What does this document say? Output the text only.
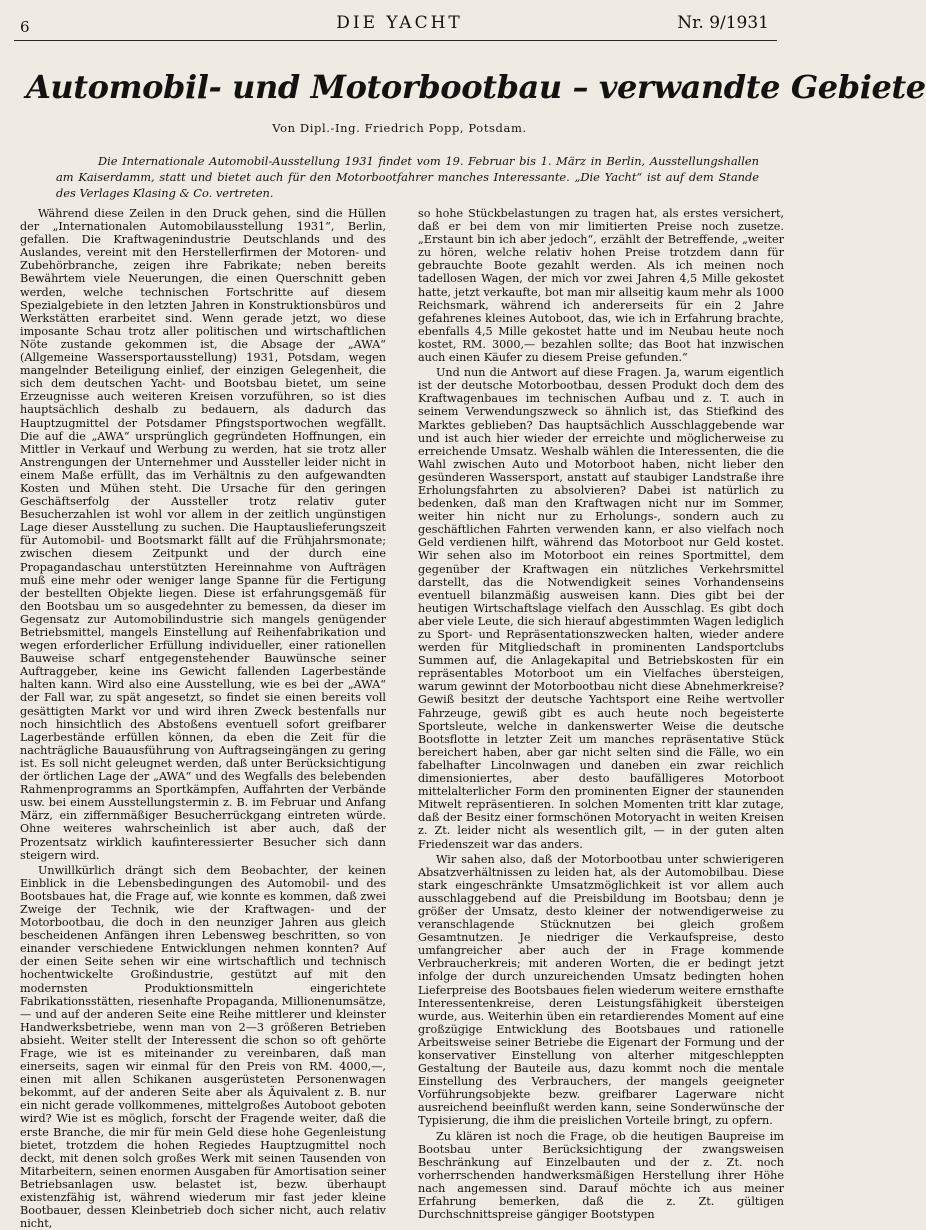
6	DIE YACHT	Nr. 9/1931
Automobil- und Motorbootbau – verwandte Gebiete
Von Dipl.-Ing. Friedrich Popp, Potsdam.

Die Internationale Automobil-Ausstellung 1931 findet vom 19. Februar bis 1. März in Berlin, Ausstellungshallen am Kaiserdamm, statt und bietet auch für den Motorbootfahrer manches Interessante. „Die Yacht“ ist auf dem Stande des Verlages Klasing & Co. vertreten.

Während diese Zeilen in den Druck gehen, sind die Hüllen der „Internationalen Automobilausstellung 1931“, Berlin, gefallen. Die Kraftwagenindustrie Deutschlands und des Auslandes, vereint mit den Herstellerfirmen der Motoren- und Zubehörbranche, zeigen ihre Fabrikate; neben bereits Bewährtem viele Neuerungen, die einen Querschnitt geben werden, welche technischen Fortschritte auf diesem Spezialgebiete in den letzten Jahren in Konstruktionsbüros und Werkstätten erarbeitet sind. Wenn gerade jetzt, wo diese imposante Schau trotz aller politischen und wirtschaftlichen Nöte zustande gekommen ist, die Absage der „AWA“ (Allgemeine Wassersportausstellung) 1931, Potsdam, wegen mangelnder Beteiligung einlief, der einzigen Gelegenheit, die sich dem deutschen Yacht- und Bootsbau bietet, um seine Erzeugnisse auch weiteren Kreisen vorzuführen, so ist dies hauptsächlich deshalb zu bedauern, als dadurch das Hauptzugmittel der Potsdamer Pfingstsportwochen wegfällt. Die auf die „AWA“ ursprünglich gegründeten Hoffnungen, ein Mittler in Verkauf und Werbung zu werden, hat sie trotz aller Anstrengungen der Unternehmer und Aussteller leider nicht in einem Maße erfüllt, das im Verhältnis zu den aufgewandten Kosten und Mühen steht. Die Ursache für den geringen Geschäftserfolg der Aussteller trotz relativ guter Besucherzahlen ist wohl vor allem in der zeitlich ungünstigen Lage dieser Ausstellung zu suchen. Die Hauptauslieferungszeit für Automobil- und Bootsmarkt fällt auf die Frühjahrsmonate; zwischen diesem Zeitpunkt und der durch eine Propagandaschau unterstützten Hereinnahme von Aufträgen muß eine mehr oder weniger lange Spanne für die Fertigung der bestellten Objekte liegen. Diese ist erfahrungsgemäß für den Bootsbau um so ausgedehnter zu bemessen, da dieser im Gegensatz zur Automobilindustrie sich mangels genügender Betriebsmittel, mangels Einstellung auf Reihenfabrikation und wegen erforderlicher Erfüllung individueller, einer rationellen Bauweise scharf entgegenstehender Bauwünsche seiner Auftraggeber, keine ins Gewicht fallenden Lagerbestände halten kann. Wird also eine Ausstellung, wie es bei der „AWA“ der Fall war, zu spät angesetzt, so findet sie einen bereits voll gesättigten Markt vor und wird ihren Zweck bestenfalls nur noch hinsichtlich des Abstoßens eventuell sofort greifbarer Lagerbestände erfüllen können, da eben die Zeit für die nachträgliche Bauausführung von Auftragseingängen zu gering ist. Es soll nicht geleugnet werden, daß unter Berücksichtigung der örtlichen Lage der „AWA“ und des Wegfalls des belebenden Rahmenprogramms an Sportkämpfen, Auffahrten der Verbände usw. bei einem Ausstellungstermin z. B. im Februar und Anfang März, ein ziffernmäßiger Besucherrückgang eintreten würde. Ohne weiteres wahrscheinlich ist aber auch, daß der Prozentsatz wirklich kaufinteressierter Besucher sich dann steigern wird.

Unwillkürlich drängt sich dem Beobachter, der keinen Einblick in die Lebensbedingungen des Automobil- und des Bootsbaues hat, die Frage auf, wie konnte es kommen, daß zwei Zweige der Technik, wie der Kraftwagen- und der Motorbootbau, die doch in den neunziger Jahren aus gleich bescheidenen Anfängen ihren Lebensweg beschritten, so von einander verschiedene Entwicklungen nehmen konnten? Auf der einen Seite sehen wir eine wirtschaftlich und technisch hochentwickelte Großindustrie, gestützt auf mit den modernsten Produktionsmitteln eingerichtete Fabrikationsstätten, riesenhafte Propaganda, Millionenumsätze, — und auf der anderen Seite eine Reihe mittlerer und kleinster Handwerksbetriebe, wenn man von 2—3 größeren Betrieben absieht. Weiter stellt der Interessent die schon so oft gehörte Frage, wie ist es miteinander zu vereinbaren, daß man einerseits, sagen wir einmal für den Preis von RM. 4000,—, einen mit allen Schikanen ausgerüsteten Personenwagen bekommt, auf der anderen Seite aber als Äquivalent z. B. nur ein nicht gerade vollkommenes, mittelgroßes Autoboot geboten wird? Wie ist es möglich, forscht der Fragende weiter, daß die erste Branche, die mir für mein Geld diese hohe Gegenleistung bietet, trotzdem die hohen Regiedes Hauptzugmittel noch deckt, mit denen solch großes Werk mit seinen Tausenden von Mitarbeitern, seinen enormen Ausgaben für Amortisation seiner Betriebsanlagen usw. belastet ist, bezw. überhaupt existenzfähig ist, während wiederum mir fast jeder kleine Bootbauer, dessen Kleinbetrieb doch sicher nicht, auch relativ nicht,

so hohe Stückbelastungen zu tragen hat, als erstes versichert, daß er bei dem von mir limitierten Preise noch zusetze. „Erstaunt bin ich aber jedoch“, erzählt der Betreffende, „weiter zu hören, welche relativ hohen Preise trotzdem dann für gebrauchte Boote gezahlt werden. Als ich meinen noch tadellosen Wagen, der mich vor zwei Jahren 4,5 Mille gekostet hatte, jetzt verkaufte, bot man mir allseitig kaum mehr als 1000 Reichsmark, während ich andererseits für ein 2 Jahre gefahrenes kleines Autoboot, das, wie ich in Erfahrung brachte, ebenfalls 4,5 Mille gekostet hatte und im Neubau heute noch kostet, RM. 3000,— bezahlen sollte; das Boot hat inzwischen auch einen Käufer zu diesem Preise gefunden.“

Und nun die Antwort auf diese Fragen. Ja, warum eigentlich ist der deutsche Motorbootbau, dessen Produkt doch dem des Kraftwagenbaues im technischen Aufbau und z. T. auch in seinem Verwendungszweck so ähnlich ist, das Stiefkind des Marktes geblieben? Das hauptsächlich Ausschlaggebende war und ist auch hier wieder der erreichte und möglicherweise zu erreichende Umsatz. Weshalb wählen die Interessenten, die die Wahl zwischen Auto und Motorboot haben, nicht lieber den gesünderen Wassersport, anstatt auf staubiger Landstraße ihre Erholungsfahrten zu absolvieren? Dabei ist natürlich zu bedenken, daß man den Kraftwagen nicht nur im Sommer, weiter hin nicht nur zu Erholungs-, sondern auch zu geschäftlichen Fahrten verwenden kann, er also vielfach noch Geld verdienen hilft, während das Motorboot nur Geld kostet. Wir sehen also im Motorboot ein reines Sportmittel, dem gegenüber der Kraftwagen ein nützliches Verkehrsmittel darstellt, das die Notwendigkeit seines Vorhandenseins eventuell bilanzmäßig ausweisen kann. Dies gibt bei der heutigen Wirtschaftslage vielfach den Ausschlag. Es gibt doch aber viele Leute, die sich hierauf abgestimmten Wagen lediglich zu Sport- und Repräsentationszwecken halten, wieder andere werden für Mitgliedschaft in prominenten Landsportclubs Summen auf, die Anlagekapital und Betriebskosten für ein repräsentables Motorboot um ein Vielfaches übersteigen, warum gewinnt der Motorbootbau nicht diese Abnehmerkreise? Gewiß besitzt der deutsche Yachtsport eine Reihe wertvoller Fahrzeuge, gewiß gibt es auch heute noch begeisterte Sportsleute, welche in dankenswerter Weise die deutsche Bootsflotte in letzter Zeit um manches repräsentative Stück bereichert haben, aber gar nicht selten sind die Fälle, wo ein fabelhafter Lincolnwagen und daneben ein zwar reichlich dimensioniertes, aber desto baufälligeres Motorboot mittelalterlicher Form den prominenten Eigner der staunenden Mitwelt repräsentieren. In solchen Momenten tritt klar zutage, daß der Besitz einer formschönen Motoryacht in weiten Kreisen z. Zt. leider nicht als wesentlich gilt, — in der guten alten Friedenszeit war das anders.

Wir sahen also, daß der Motorbootbau unter schwierigeren Absatzverhältnissen zu leiden hat, als der Automobilbau. Diese stark eingeschränkte Umsatzmöglichkeit ist vor allem auch ausschlaggebend auf die Preisbildung im Bootsbau; denn je größer der Umsatz, desto kleiner der notwendigerweise zu veranschlagende Stücknutzen bei gleich großem Gesamtnutzen. Je niedriger die Verkaufspreise, desto umfangreicher aber auch der in Frage kommende Verbraucherkreis; mit anderen Worten, die er bedingt jetzt infolge der durch unzureichenden Umsatz bedingten hohen Lieferpreise des Bootsbaues fielen wiederum weitere ernsthafte Interessentenkreise, deren Leistungsfähigkeit übersteigen wurde, aus. Weiterhin üben ein retardierendes Moment auf eine großzügige Entwicklung des Bootsbaues und rationelle Arbeitsweise seiner Betriebe die Eigenart der Formung und der konservativer Einstellung von alterher mitgeschleppten Gestaltung der Bauteile aus, dazu kommt noch die mentale Einstellung des Verbrauchers, der mangels geeigneter Vorführungsobjekte bezw. greifbarer Lagerware nicht ausreichend beeinflußt werden kann, seine Sonderwünsche der Typisierung, die ihm die preislichen Vorteile bringt, zu opfern.

Zu klären ist noch die Frage, ob die heutigen Baupreise im Bootsbau unter Berücksichtigung der zwangsweisen Beschränkung auf Einzelbauten und der z. Zt. noch vorherrschenden handwerksmäßigen Herstellung ihrer Höhe nach angemessen sind. Darauf möchte ich aus meiner Erfahrung bemerken, daß die z. Zt. gültigen Durchschnittspreise gängiger Bootstypen
